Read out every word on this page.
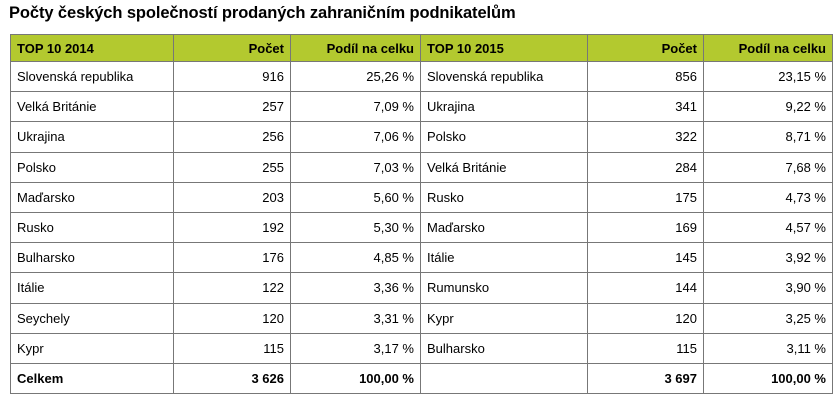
Počty českých společností prodaných zahraničním podnikatelům
TOP 10 2014	Počet	Podíl na celku	TOP 10 2015	Počet	Podíl na celku
Slovenská republika	916	25,26 %	Slovenská republika	856	23,15 %
Velká Británie	257	7,09 %	Ukrajina	341	9,22 %
Ukrajina	256	7,06 %	Polsko	322	8,71 %
Polsko	255	7,03 %	Velká Británie	284	7,68 %
Maďarsko	203	5,60 %	Rusko	175	4,73 %
Rusko	192	5,30 %	Maďarsko	169	4,57 %
Bulharsko	176	4,85 %	Itálie	145	3,92 %
Itálie	122	3,36 %	Rumunsko	144	3,90 %
Seychely	120	3,31 %	Kypr	120	3,25 %
Kypr	115	3,17 %	Bulharsko	115	3,11 %
Celkem	3 626	100,00 %		3 697	100,00 %
